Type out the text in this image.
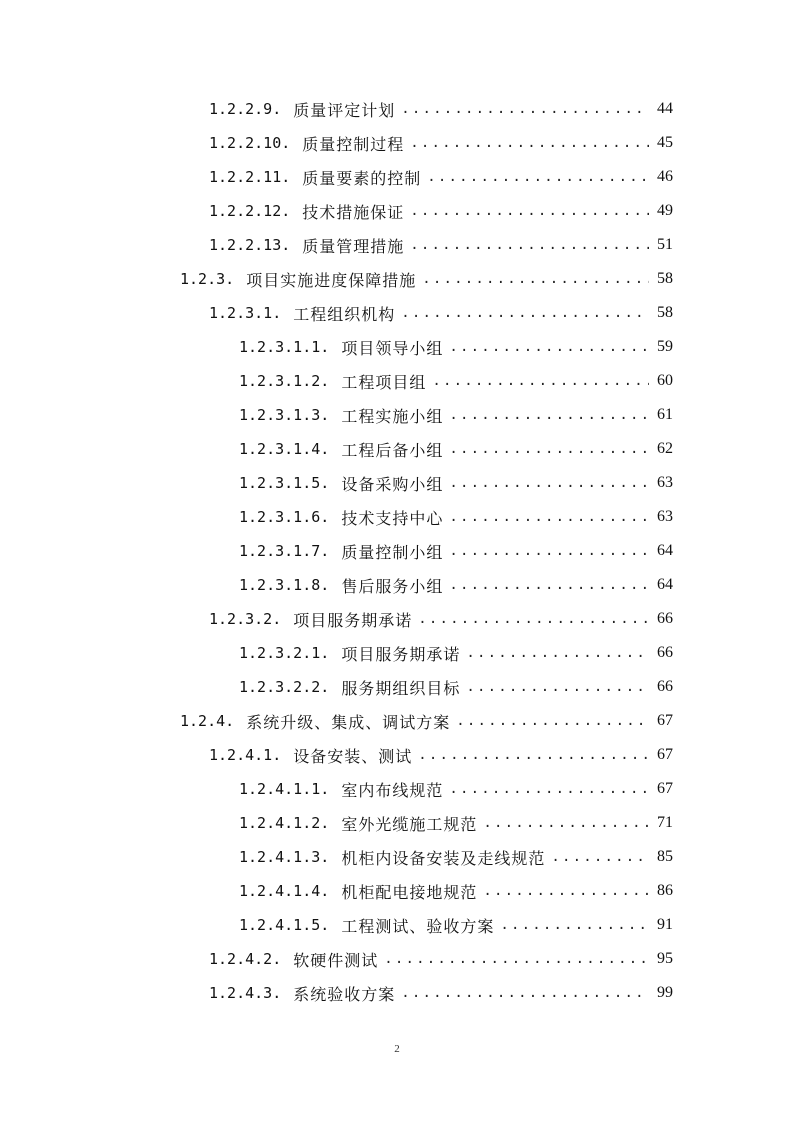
1.2.2.9. 质量评定计划 .....	44
1.2.2.10. 质量控制过程 .....	45
1.2.2.11. 质量要素的控制 .....	46
1.2.2.12. 技术措施保证 .....	49
1.2.2.13. 质量管理措施 .....	51
1.2.3. 项目实施进度保障措施 .....	58
1.2.3.1. 工程组织机构 .....	58
1.2.3.1.1. 项目领导小组 .....	59
1.2.3.1.2. 工程项目组 .....	60
1.2.3.1.3. 工程实施小组 .....	61
1.2.3.1.4. 工程后备小组 .....	62
1.2.3.1.5. 设备采购小组 .....	63
1.2.3.1.6. 技术支持中心 .....	63
1.2.3.1.7. 质量控制小组 .....	64
1.2.3.1.8. 售后服务小组 .....	64
1.2.3.2. 项目服务期承诺 .....	66
1.2.3.2.1. 项目服务期承诺 .....	66
1.2.3.2.2. 服务期组织目标 .....	66
1.2.4. 系统升级、集成、调试方案 .....	67
1.2.4.1. 设备安装、测试 .....	67
1.2.4.1.1. 室内布线规范 .....	67
1.2.4.1.2. 室外光缆施工规范 .....	71
1.2.4.1.3. 机柜内设备安装及走线规范 .....	85
1.2.4.1.4. 机柜配电接地规范 .....	86
1.2.4.1.5. 工程测试、验收方案 .....	91
1.2.4.2. 软硬件测试 .....	95
1.2.4.3. 系统验收方案 .....	99
2
